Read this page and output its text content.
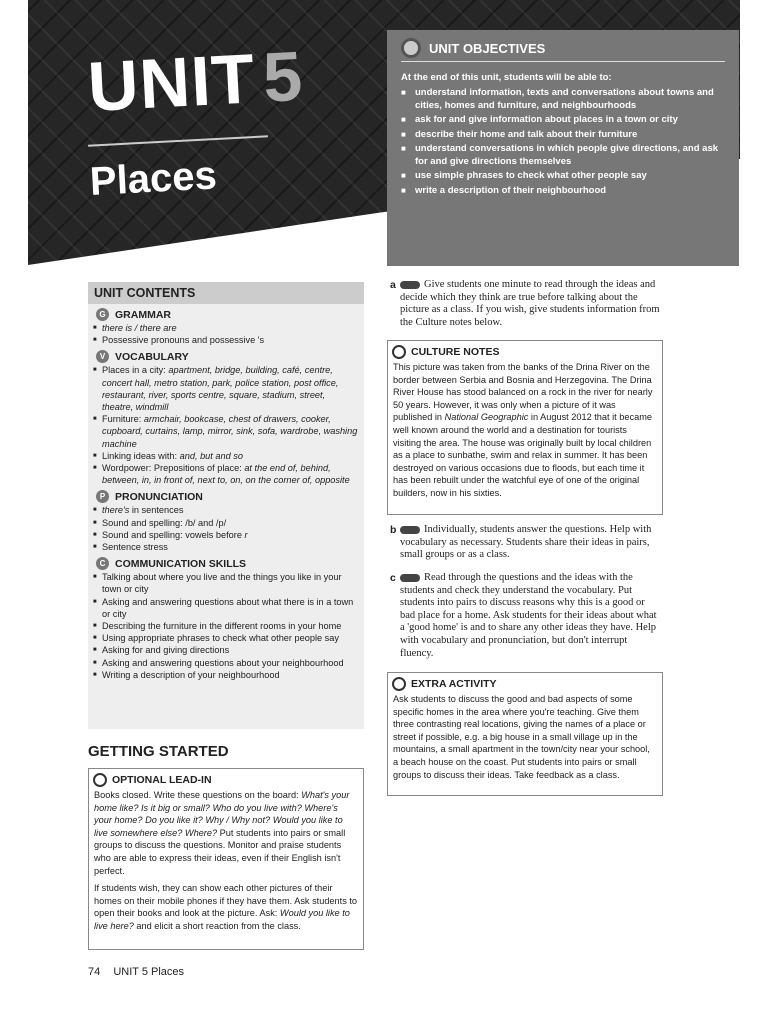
UNIT5
Places
UNIT OBJECTIVES
At the end of this unit, students will be able to:
■ understand information, texts and conversations about towns and cities, homes and furniture, and neighbourhoods
■ ask for and give information about places in a town or city
■ describe their home and talk about their furniture
■ understand conversations in which people give directions, and ask for and give directions themselves
■ use simple phrases to check what other people say
■ write a description of their neighbourhood
UNIT CONTENTS
G GRAMMAR
■ there is / there are
■ Possessive pronouns and possessive 's
V VOCABULARY
■ Places in a city: apartment, bridge, building, café, centre, concert hall, metro station, park, police station, post office, restaurant, river, sports centre, square, stadium, street, theatre, windmill
■ Furniture: armchair, bookcase, chest of drawers, cooker, cupboard, curtains, lamp, mirror, sink, sofa, wardrobe, washing machine
■ Linking ideas with: and, but and so
■ Wordpower: Prepositions of place: at the end of, behind, between, in, in front of, next to, on, on the corner of, opposite
P PRONUNCIATION
■ there's in sentences
■ Sound and spelling: /b/ and /p/
■ Sound and spelling: vowels before r
■ Sentence stress
C COMMUNICATION SKILLS
■ Talking about where you live and the things you like in your town or city
■ Asking and answering questions about what there is in a town or city
■ Describing the furniture in the different rooms in your home
■ Using appropriate phrases to check what other people say
■ Asking for and giving directions
■ Asking and answering questions about your neighbourhood
■ Writing a description of your neighbourhood
GETTING STARTED
OPTIONAL LEAD-IN
Books closed. Write these questions on the board: What's your home like? Is it big or small? Who do you live with? Where's your home? Do you like it? Why / Why not? Would you like to live somewhere else? Where? Put students into pairs or small groups to discuss the questions. Monitor and praise students who are able to express their ideas, even if their English isn't perfect.
If students wish, they can show each other pictures of their homes on their mobile phones if they have them. Ask students to open their books and look at the picture. Ask: Would you like to live here? and elicit a short reaction from the class.
a	Give students one minute to read through the ideas and decide which they think are true before talking about the picture as a class. If you wish, give students information from the Culture notes below.
CULTURE NOTES
This picture was taken from the banks of the Drina River on the border between Serbia and Bosnia and Herzegovina. The Drina River House has stood balanced on a rock in the river for nearly 50 years. However, it was only when a picture of it was published in National Geographic in August 2012 that it became well known around the world and a destination for tourists visiting the area. The house was originally built by local children as a place to sunbathe, swim and relax in summer. It has been destroyed on various occasions due to floods, but each time it has been rebuilt under the watchful eye of one of the original builders, now in his sixties.
b	Individually, students answer the questions. Help with vocabulary as necessary. Students share their ideas in pairs, small groups or as a class.
c	Read through the questions and the ideas with the students and check they understand the vocabulary. Put students into pairs to discuss reasons why this is a good or bad place for a home. Ask students for their ideas about what a 'good home' is and to share any other ideas they have. Help with vocabulary and pronunciation, but don't interrupt fluency.
EXTRA ACTIVITY
Ask students to discuss the good and bad aspects of some specific homes in the area where you're teaching. Give them three contrasting real locations, giving the names of a place or street if possible, e.g. a big house in a small village up in the mountains, a small apartment in the town/city near your school, a beach house on the coast. Put students into pairs or small groups to discuss their ideas. Take feedback as a class.
74 UNIT 5 Places
